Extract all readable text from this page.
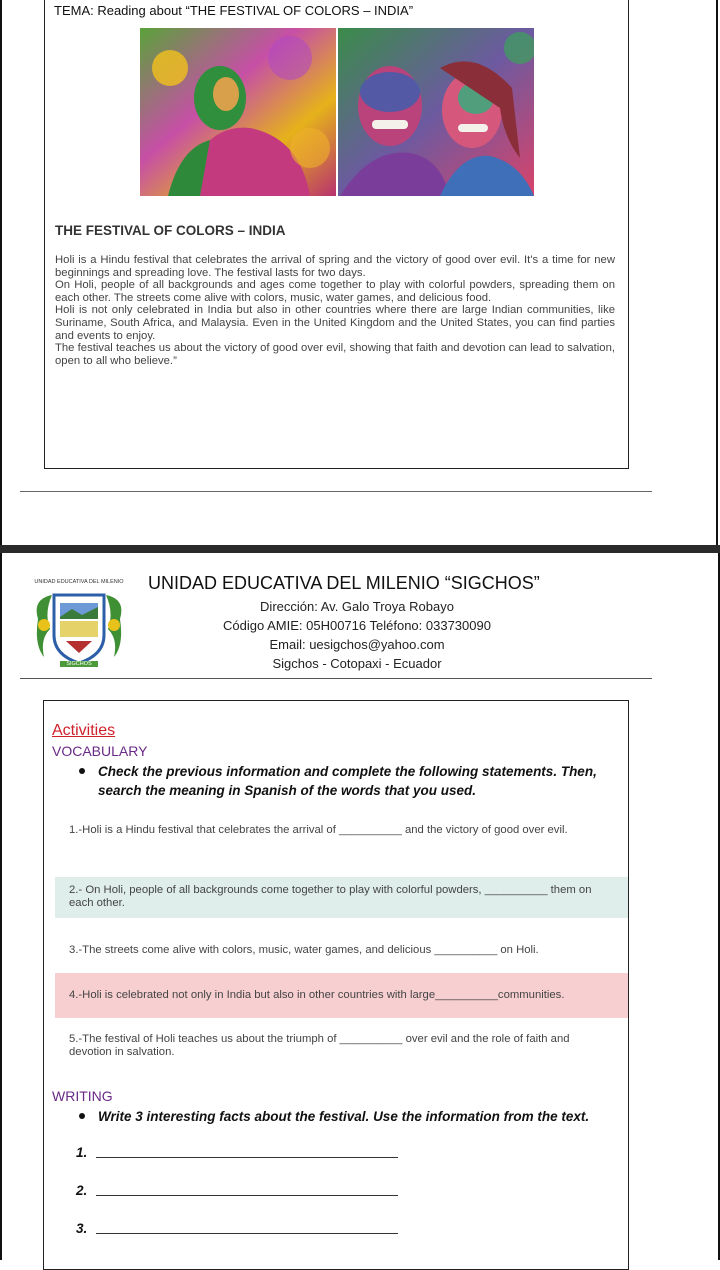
TEMA: Reading about “THE FESTIVAL OF COLORS – INDIA”
THE FESTIVAL OF COLORS – INDIA

Holi is a Hindu festival that celebrates the arrival of spring and the victory of good over evil. It's a time for new beginnings and spreading love. The festival lasts for two days.

On Holi, people of all backgrounds and ages come together to play with colorful powders, spreading them on each other. The streets come alive with colors, music, water games, and delicious food.

Holi is not only celebrated in India but also in other countries where there are large Indian communities, like Suriname, South Africa, and Malaysia. Even in the United Kingdom and the United States, you can find parties and events to enjoy.

The festival teaches us about the victory of good over evil, showing that faith and devotion can lead to salvation, open to all who believe.”

UNIDAD EDUCATIVA DEL MILENIO
SIGCHOS
UNIDAD EDUCATIVA DEL MILENIO “SIGCHOS”
Dirección: Av. Galo Troya Robayo
Código AMIE: 05H00716 Teléfono: 033730090
Email: uesigchos@yahoo.com
Sigchos - Cotopaxi - Ecuador
Activities
VOCABULARY
Check the previous information and complete the following statements. Then,
search the meaning in Spanish of the words that you used.
1.-Holi is a Hindu festival that celebrates the arrival of __________ and the victory of good over evil.
2.- On Holi, people of all backgrounds come together to play with colorful powders, __________ them on each other.
3.-The streets come alive with colors, music, water games, and delicious __________ on Holi.
4.-Holi is celebrated not only in India but also in other countries with large__________communities.
5.-The festival of Holi teaches us about the triumph of __________ over evil and the role of faith and devotion in salvation.
WRITING
Write 3 interesting facts about the festival. Use the information from the text.
1.
2.
3.
